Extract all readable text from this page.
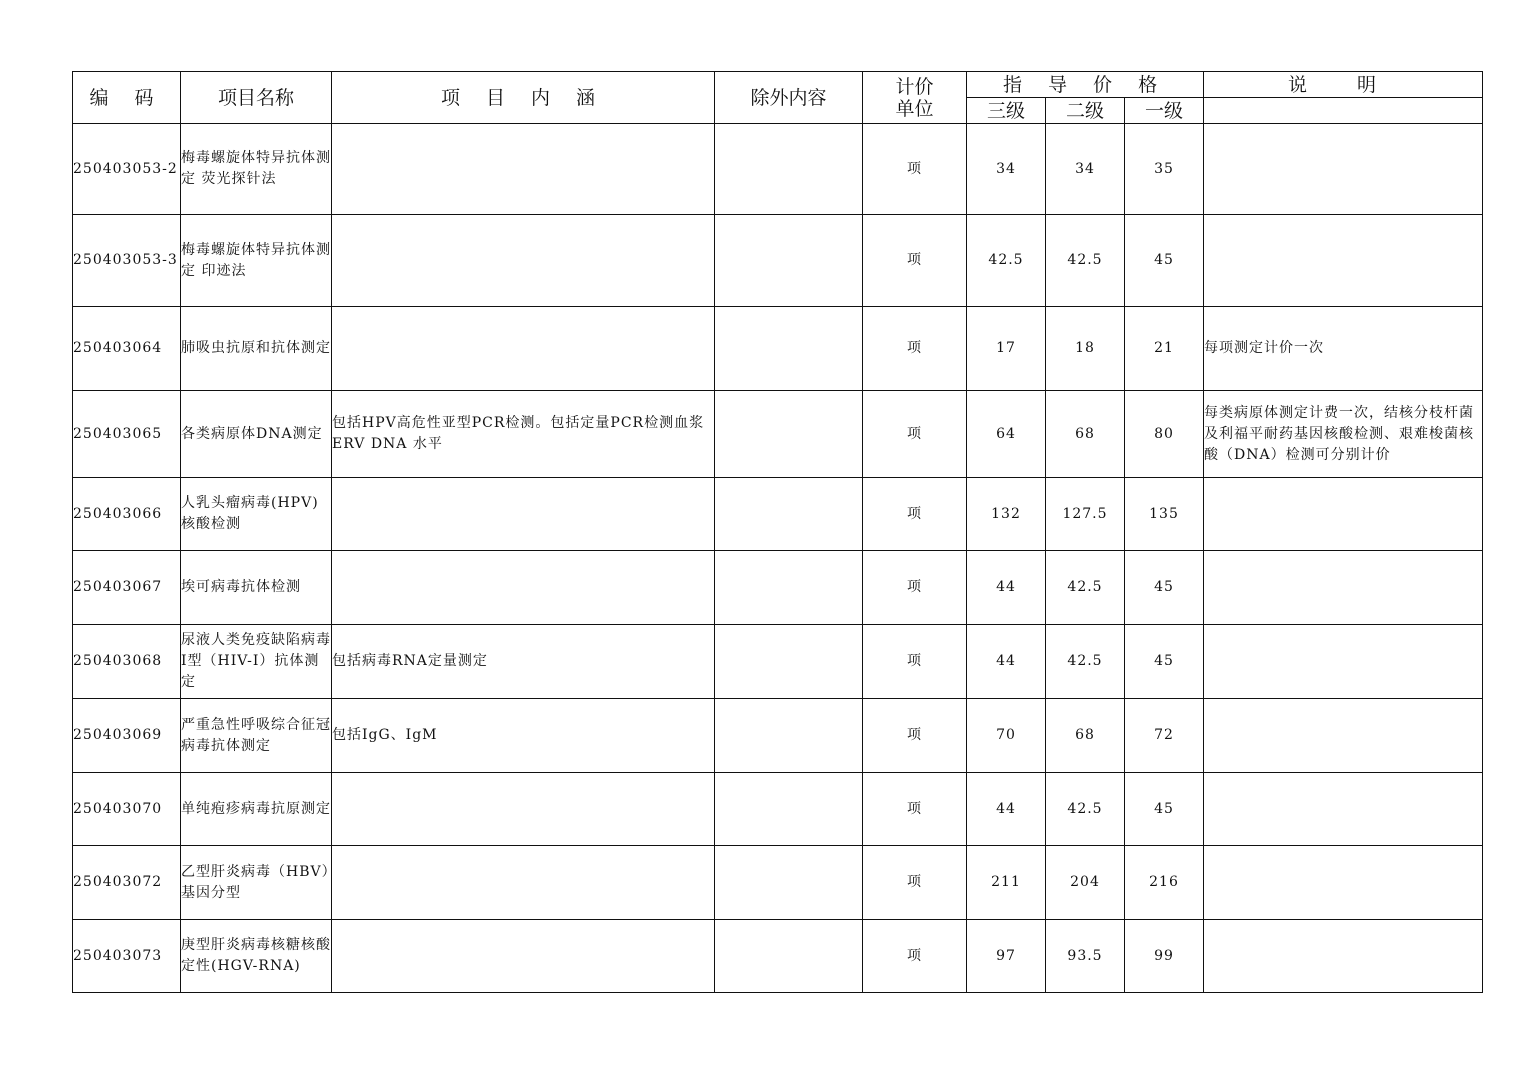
编 码	项目名称	项 目 内 涵	除外内容	计价单位	指 导 价 格			说 明
					三级	二级	一级	
250403053-2	梅毒螺旋体特异抗体测定 荧光探针法			项	34	34	35	
250403053-3	梅毒螺旋体特异抗体测定 印迹法			项	42.5	42.5	45	
250403064	肺吸虫抗原和抗体测定			项	17	18	21	每项测定计价一次
250403065	各类病原体DNA测定	包括HPV高危性亚型PCR检测。包括定量PCR检测血浆ERV DNA 水平		项	64	68	80	每类病原体测定计费一次，结核分枝杆菌及利福平耐药基因核酸检测、艰难梭菌核酸（DNA）检测可分别计价
250403066	人乳头瘤病毒(HPV)核酸检测			项	132	127.5	135	
250403067	埃可病毒抗体检测			项	44	42.5	45	
250403068	尿液人类免疫缺陷病毒I型（HIV-I）抗体测定	包括病毒RNA定量测定		项	44	42.5	45	
250403069	严重急性呼吸综合征冠病毒抗体测定	包括IgG、IgM		项	70	68	72	
250403070	单纯疱疹病毒抗原测定			项	44	42.5	45	
250403072	乙型肝炎病毒（HBV）基因分型			项	211	204	216	
250403073	庚型肝炎病毒核糖核酸定性(HGV-RNA)			项	97	93.5	99	
